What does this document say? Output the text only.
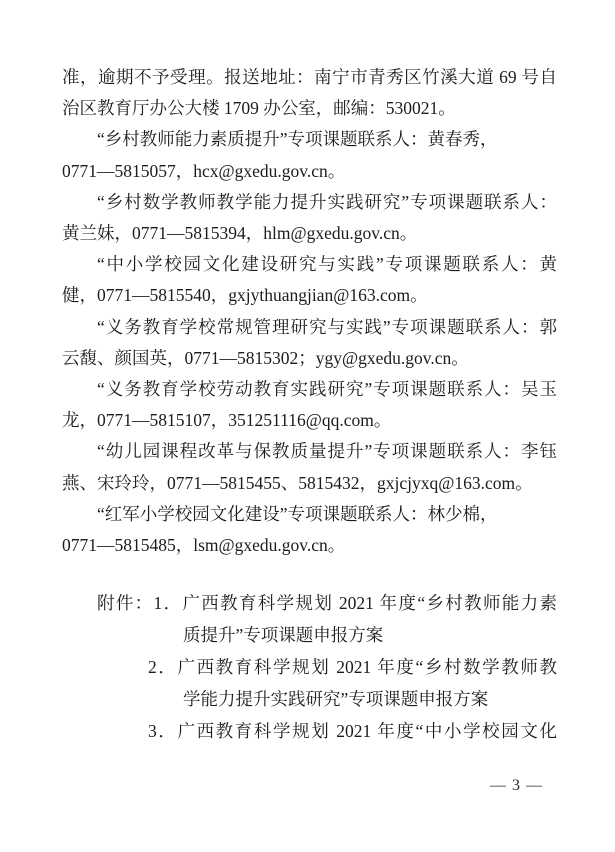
准，逾期不予受理。报送地址：南宁市青秀区竹溪大道 69 号自
治区教育厅办公大楼 1709 办公室，邮编：530021。
“乡村教师能力素质提升”专项课题联系人：黄春秀，
0771—5815057，hcx@gxedu.gov.cn。
“乡村数学教师教学能力提升实践研究”专项课题联系人：
黄兰妹，0771—5815394，hlm@gxedu.gov.cn。
“中小学校园文化建设研究与实践”专项课题联系人：黄
健，0771—5815540，gxjythuangjian@163.com。
“义务教育学校常规管理研究与实践”专项课题联系人：郭
云馥、颜国英，0771—5815302；ygy@gxedu.gov.cn。
“义务教育学校劳动教育实践研究”专项课题联系人：吴玉
龙，0771—5815107，351251116@qq.com。
“幼儿园课程改革与保教质量提升”专项课题联系人：李钰
燕、宋玲玲，0771—5815455、5815432，gxjcjyxq@163.com。
“红军小学校园文化建设”专项课题联系人：林少棉，
0771—5815485，lsm@gxedu.gov.cn。
附件：1．广西教育科学规划 2021 年度“乡村教师能力素
质提升”专项课题申报方案
2．广西教育科学规划 2021 年度“乡村数学教师教
学能力提升实践研究”专项课题申报方案
3．广西教育科学规划 2021 年度“中小学校园文化
— 3 —
